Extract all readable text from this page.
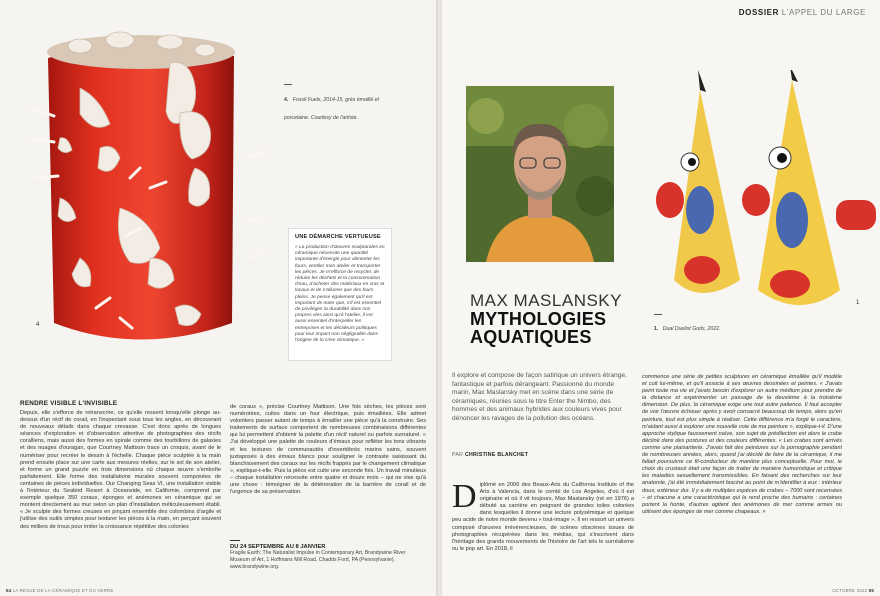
4
4. Fossil Fuels, 2014-15, grès émaillé et porcelaine. Courtesy de l'artiste.
UNE DÉMARCHE VERTUEUSE
« La production d'œuvres sculpturales en céramique nécessite une quantité importante d'énergie pour alimenter les fours, ventiler mon atelier et transporter les pièces. Je m'efforce de recycler, de réduire les déchets et la consommation d'eau, d'acheter des matériaux en vrac et locaux et de n'allumer que des fours pleins. Je pense également qu'il est important de noter que, s'il est essentiel de privilégier la durabilité dans nos propres vies ainsi qu'à l'atelier, il est aussi essentiel d'interpeller les entreprises et les décideurs politiques pour leur impact non négligeable dans l'origine de la crise climatique. »
RENDRE VISIBLE L'INVISIBLE
Depuis, elle s'efforce de retranscrire, ce qu'elle ressent lorsqu'elle plonge au-dessus d'un récif de corail, en l'inspectant sous tous les angles, en découvrant de nouveaux détails dans chaque crevasse. C'est donc après de longues séances d'exploration et d'observation attentive de photographies des récifs coralliens, mais aussi des formes en spirale comme des tourbillons de galaxies et des nuages d'ouragan, que Courtney Mattison trace un croquis, avant de le numériser pour recréer le dessin à l'échelle. Chaque pièce sculptée à la main prend ensuite place sur une carte aux mesures réelles, sur le sol de son atelier, et forme un grand puzzle en trois dimensions où chaque œuvre s'emboîte parfaitement. Elle forme des installations murales souvent composées de centaines de pièces individuelles. Our Changing Seas VI, une installation visible à l'intérieur du Seabird Resort à Oceanside, en Californie, comprend par exemple quelque 350 coraux, éponges et anémones en céramique qui se montent directement au mur selon un plan d'installation méticuleusement établi. « Je sculpte des formes creuses en pinçant ensemble des colombins d'argile et j'utilise des outils simples pour texturer les pièces à la main, en perçant souvent des milliers de trous pour imiter la croissance répétitive des colonies
de coraux », précise Courtney Mattison. Une fois sèches, les pièces sont numérotées, cuites dans un four électrique, puis émaillées. Elle admet volontiers passer autant de temps à émailler une pièce qu'à la construire. Ses traitements de surface comportent de nombreuses combinaisons différentes qui lui permettent d'obtenir la palette d'un récif naturel ou parfois surnaturel. « J'ai développé une palette de couleurs d'émaux pour refléter les tons vibrants et les textures de communautés d'invertébrés marins sains, souvent juxtaposés à des émaux blancs pour souligner le contraste saisissant du blanchissement des coraux sur les récifs frappés par le changement climatique », explique-t-elle. Puis la pièce est cuite une seconde fois. Un travail minutieux – chaque installation nécessite entre quatre et douze mois – qui ne vise qu'à une chose : témoigner de la détérioration de la barrière de corail et de l'urgence de sa préservation.
DU 24 SEPTEMBRE AU 8 JANVIER
Fragile Earth: The Naturalist Impulse in Contemporary Art, Brandywine River Museum of Art, 1 Hoffmans Mill Road, Chadds Ford, PA (Pennsylvanie). www.brandywine.org.
54 LA REVUE DE LA CÉRAMIQUE ET DU VERRE
DOSSIER L'APPEL DU LARGE
1
1. Dual Duelist Gods, 2022.
MAX MASLANSKY
MYTHOLOGIES
AQUATIQUES
Il explore et compose de façon satirique un univers étrange, fantastique et parfois dérangeant. Passionné du monde marin, Max Maslansky met en scène dans une série de céramiques, réunies sous le titre Enter the Nimbo, des hommes et des animaux hybrides aux couleurs vives pour dénoncer les ravages de la pollution des océans.
PAR CHRISTINE BLANCHET
D iplômé en 2006 des Beaux-Arts du California Institute of the Arts à Valencia, dans le comté de Los Angeles, d'où il est originaire et où il vit toujours, Max Maslansky (né en 1976) a débuté sa carrière en peignant de grandes toiles colorées dans lesquelles il donne une lecture polysémique et quelque peu acide de notre monde devenu « tout-image ». Il en ressort un univers composé d'œuvres irrévérencieuses, de scènes obscènes issues de photographies récupérées dans les médias, qui s'inscrivent dans l'héritage des grands mouvements de l'histoire de l'art tels le surréalisme ou le pop art. En 2018, il
commence une série de petites sculptures en céramique émaillée qu'il modèle et cuit lui-même, et qu'il associe à ses œuvres dessinées et peintes. « J'avais peint toute ma vie et j'avais besoin d'explorer un autre médium pour prendre de la distance et expérimenter un passage de la deuxième à la troisième dimension. De plus, la céramique exige une tout autre patience. Il faut accepter de voir l'œuvre échouer après y avoir consacré beaucoup de temps, alors qu'en peinture, tout est plus simple à réaliser. Cette différence m'a forgé le caractère, m'aidant aussi à explorer une nouvelle voie de ma peinture », explique-t-il. D'une approche stylique faussement naïve, son sujet de prédilection est alors le crabe décliné dans des postures et des couleurs différentes. « Les crabes sont arrivés comme une plaisanterie. J'avais fait des peintures sur la pornographie pendant de nombreuses années, alors, quand j'ai décidé de faire de la céramique, il me fallait poursuivre ce fil-conducteur de manière plus conceptuelle. Pour moi, le choix du crustacé était une façon de traiter de manière humoristique et critique les maladies sexuellement transmissibles. En faisant des recherches sur leur anatomie, j'ai été immédiatement fasciné au point de m'identifier à eux : intérieur doux, extérieur dur. Il y a de multiples espèces de crabes – 7000 sont recensées – et chacune a une caractéristique qui la rend proche des humains : certaines portent la honte, d'autres agitent des anémones de mer comme armes ou utilisent des éponges de mer comme chapeaux. »
OCTOBRE 2022 55
